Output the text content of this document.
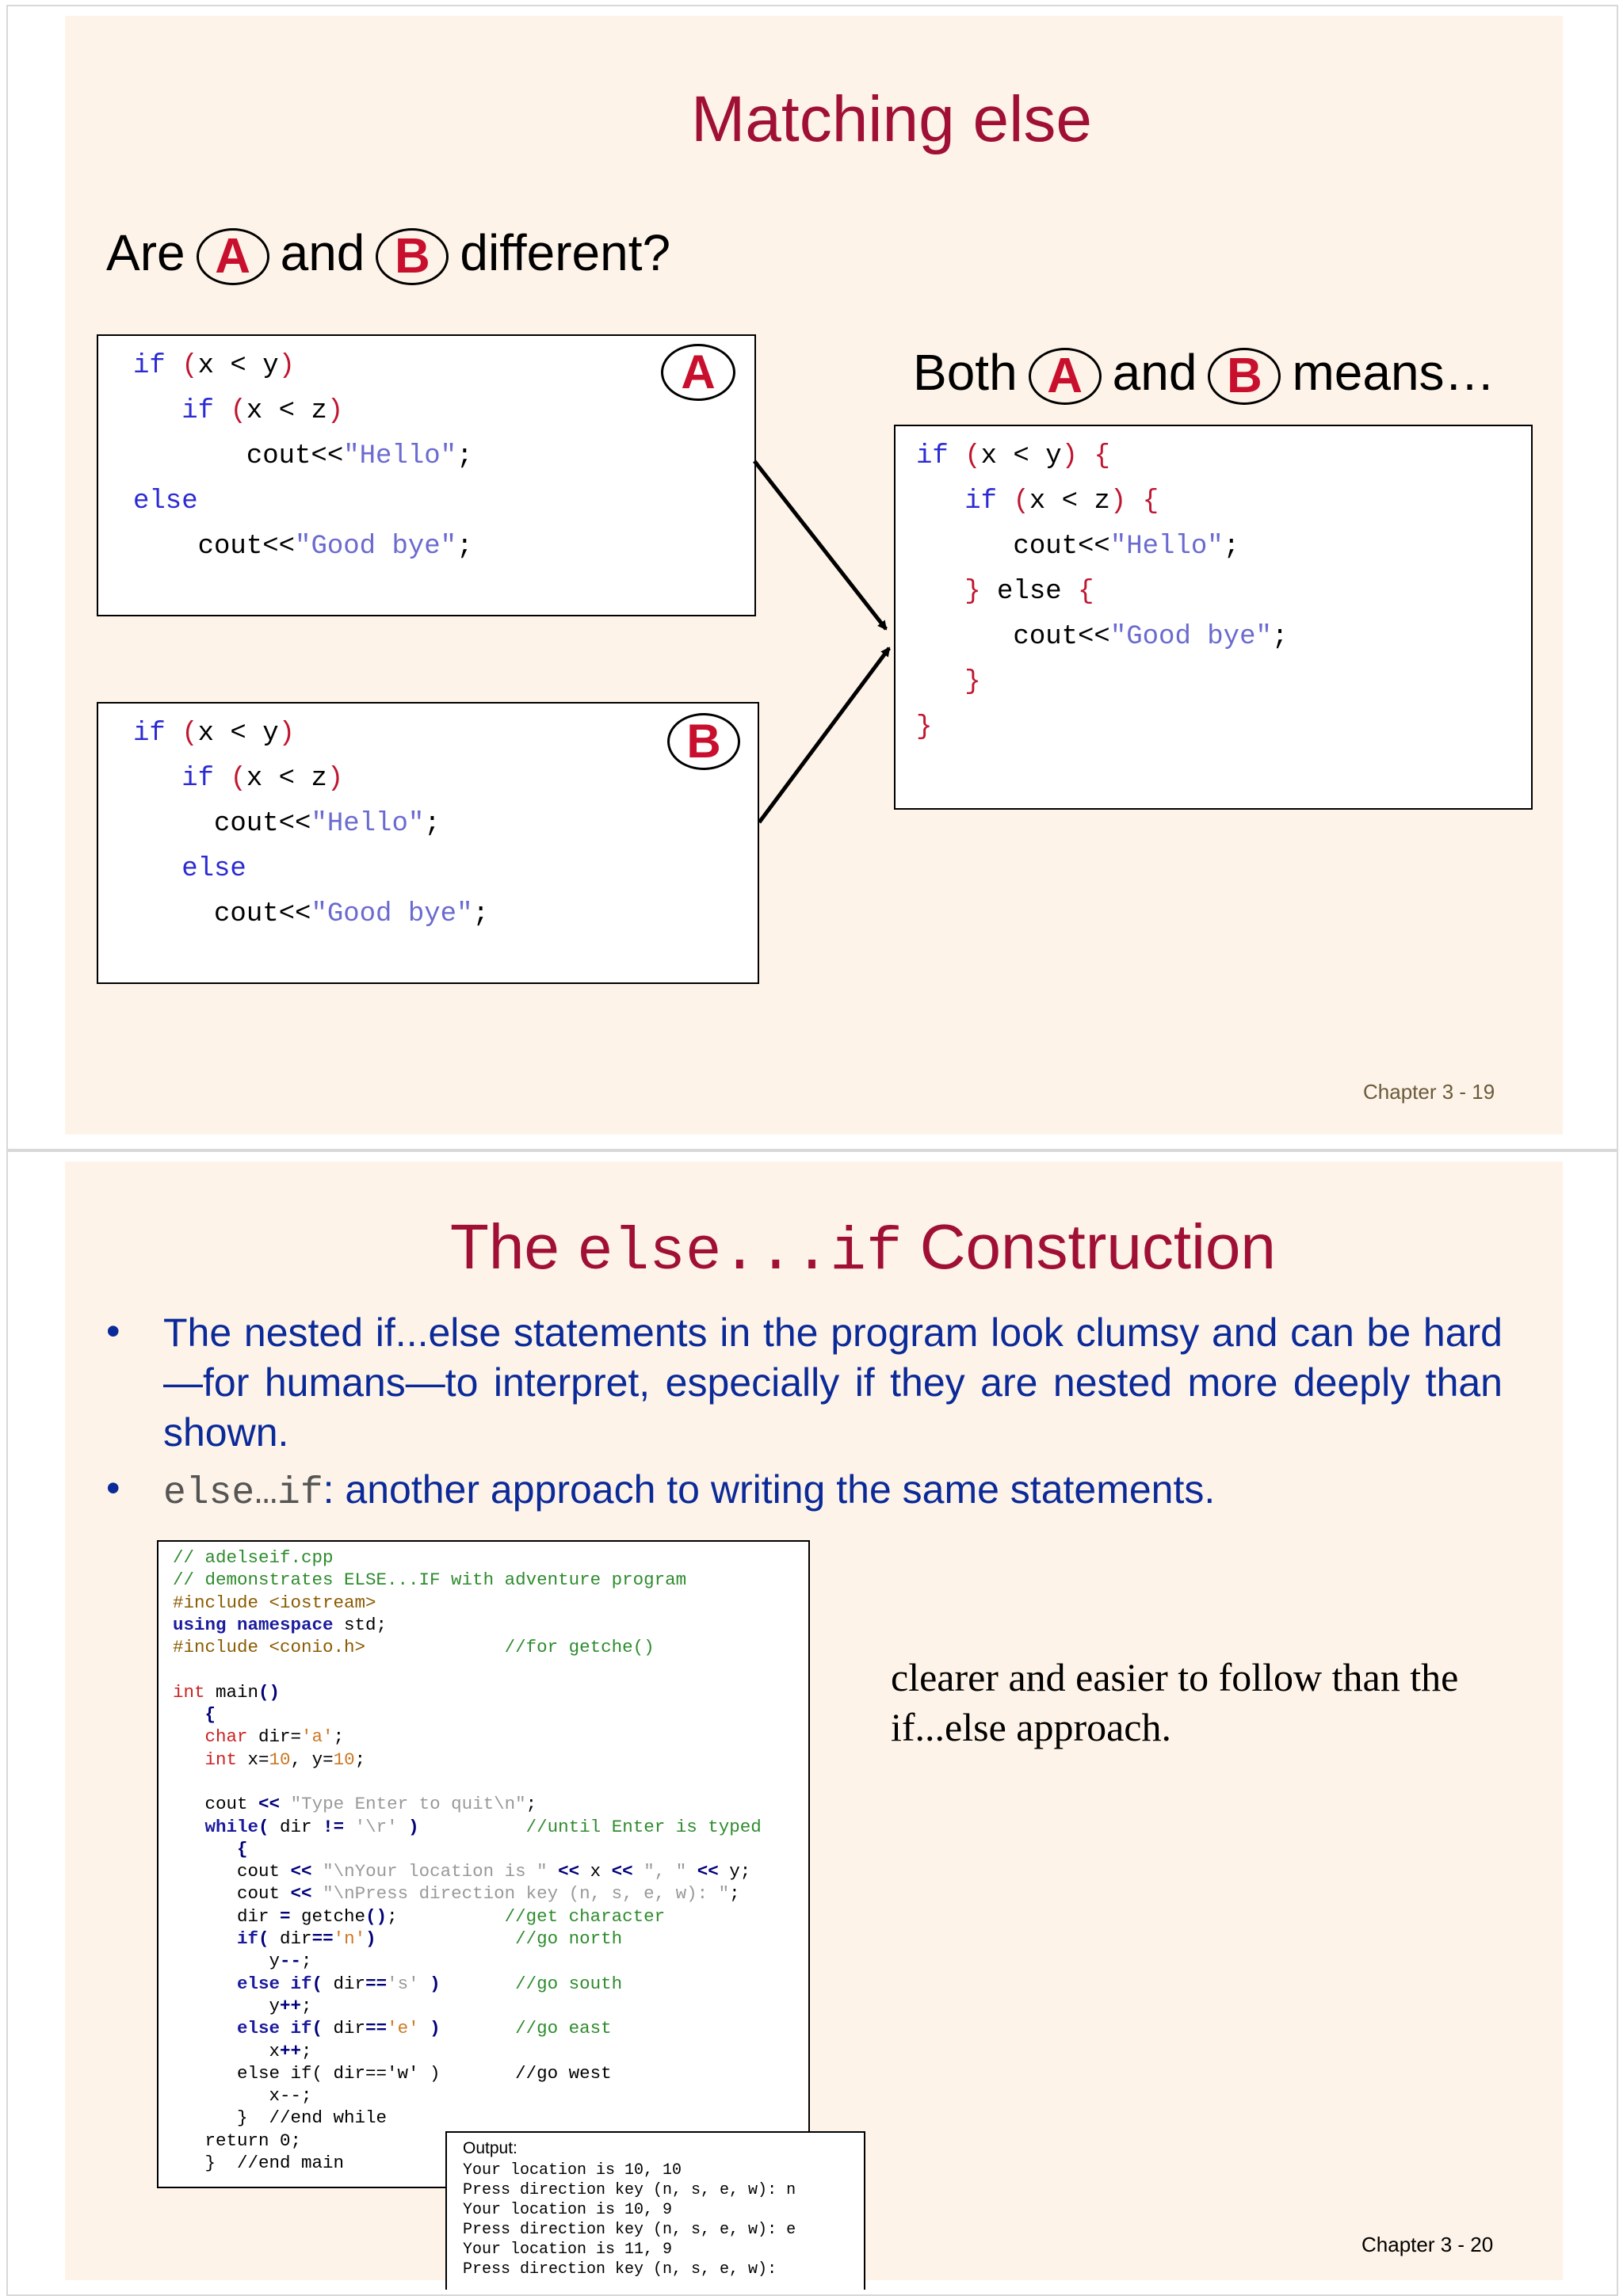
Matching else
Are A and B different?
if (x < y)
if (x < z)
cout<<"Hello";
else
cout<<"Good bye";
A
if (x < y)
if (x < z)
cout<<"Hello";
else
cout<<"Good bye";
B
Both A and B means…
if (x < y) {
if (x < z) {
cout<<"Hello";
} else {
cout<<"Good bye";
}
}
Chapter 3 - 19
The else...if Construction
• The nested if...else statements in the program look clumsy and can be hard—for humans—to interpret, especially if they are nested more deeply than shown.
• else…if: another approach to writing the same statements.
// adelseif.cpp
// demonstrates ELSE...IF with adventure program
#include <iostream>
using namespace std;
#include <conio.h>	//for getche()

int main()
{
char dir='a';
int x=10, y=10;

cout << "Type Enter to quit\n";
while( dir != '\r' )	//until Enter is typed
{
cout << "\nYour location is " << x << ", " << y;
cout << "\nPress direction key (n, s, e, w): ";
dir = getche();          //get character
if( dir=='n')	//go north
y--;
else if( dir=='s' )	//go south
y++;
else if( dir=='e' )	//go east
x++;
else if( dir=='w' )       //go west
x--;
}  //end while
return 0;
}  //end main
Output:
Your location is 10, 10
Press direction key (n, s, e, w): n
Your location is 10, 9
Press direction key (n, s, e, w): e
Your location is 11, 9
Press direction key (n, s, e, w):
clearer and easier to follow than the if...else approach.
Chapter 3 - 20
